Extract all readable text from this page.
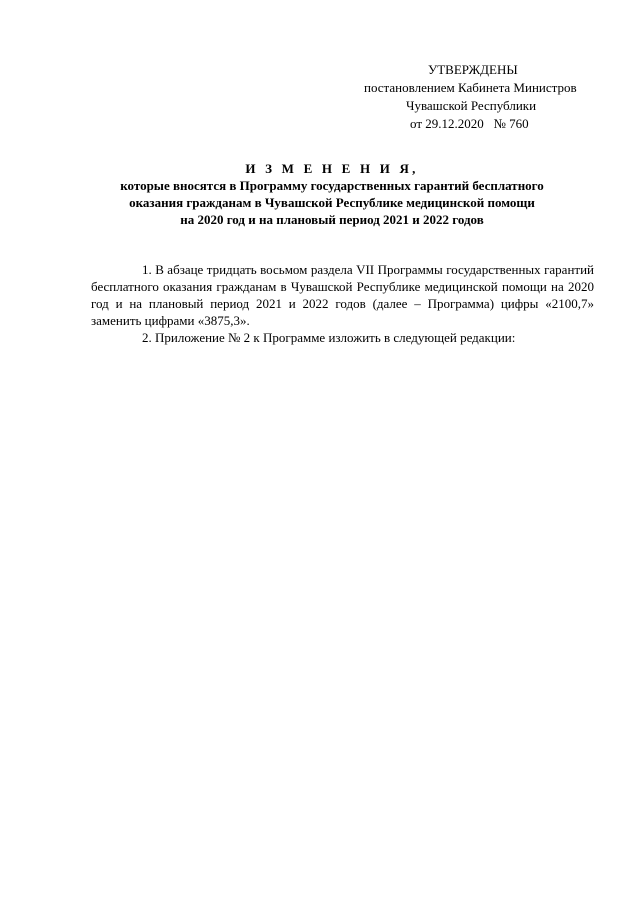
УТВЕРЖДЕНЫ
постановлением Кабинета Министров
Чувашской Республики
от 29.12.2020   № 760
И З М Е Н Е Н И Я,
которые вносятся в Программу государственных гарантий бесплатного
оказания гражданам в Чувашской Республике медицинской помощи
на 2020 год и на плановый период 2021 и 2022 годов

1. В абзаце тридцать восьмом раздела VII Программы государственных гарантий бесплатного оказания гражданам в Чувашской Республике медицинской помощи на 2020 год и на плановый период 2021 и 2022 годов (далее – Программа) цифры «2100,7» заменить цифрами «3875,3».

2. Приложение № 2 к Программе изложить в следующей редакции:
